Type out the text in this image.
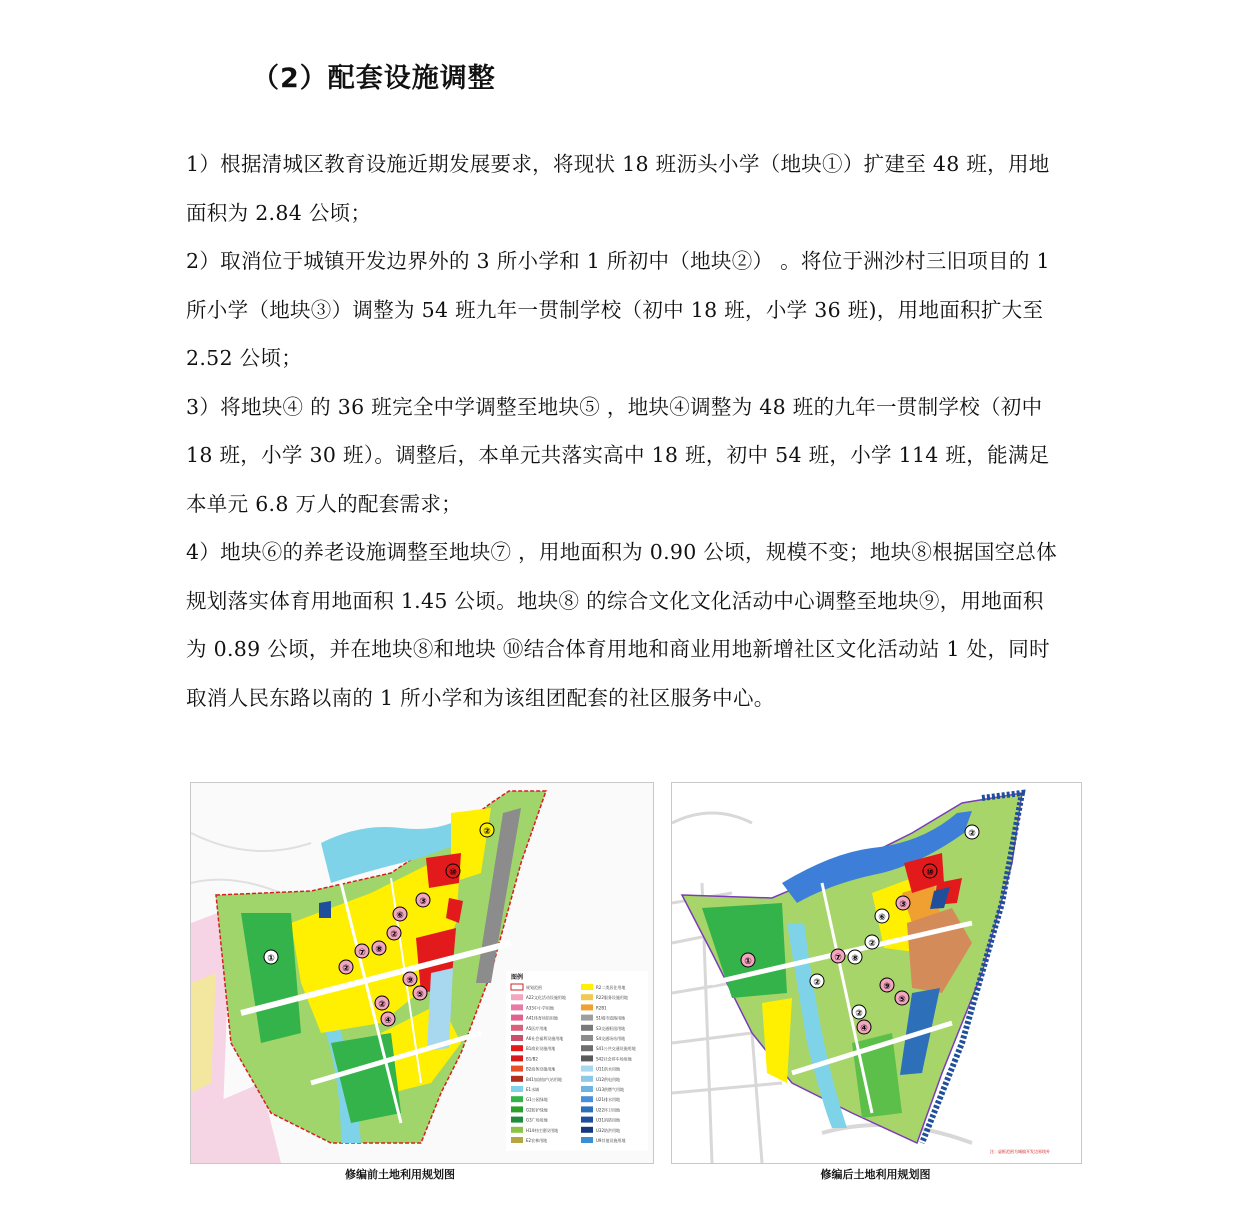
（2）配套设施调整

1）根据清城区教育设施近期发展要求，将现状 18 班沥头小学（地块①）扩建至 48 班，用地面积为 2.84 公顷；

2）取消位于城镇开发边界外的 3 所小学和 1 所初中（地块②） 。将位于洲沙村三旧项目的 1 所小学（地块③）调整为 54 班九年一贯制学校（初中 18 班，小学 36 班)，用地面积扩大至 2.52 公顷；

3）将地块④ 的 36 班完全中学调整至地块⑤ ，地块④调整为 48 班的九年一贯制学校（初中 18 班，小学 30 班）。调整后，本单元共落实高中 18 班，初中 54 班，小学 114 班，能满足本单元 6.8 万人的配套需求；

4）地块⑥的养老设施调整至地块⑦ ，用地面积为 0.90 公顷，规模不变；地块⑧根据国空总体规划落实体育用地面积 1.45 公顷。地块⑧ 的综合文化文化活动中心调整至地块⑨，用地面积为 0.89 公顷，并在地块⑧和地块 ⑩结合体育用地和商业用地新增社区文化活动站 1 处，同时取消人民东路以南的 1 所小学和为该组团配套的社区服务中心。

①
②
②
②
②
③
④
⑤
⑥
⑦ ⑧
⑨
⑩
图例
规划范围
A22文化活动设施用地
A33中小学用地
A41体育场馆用地
A5医疗用地
A6社会福利设施用地
B1商业设施用地
B1/B2
B2商务设施用地
B41加油加气站用地
E1水域
G1公园绿地
G2防护绿地
G3广场用地
H14村庄建设用地
E2农林用地
R2二类居住用地
R22服务设施用地
R2B1
S1城市道路用地
S3交通枢纽用地
S4交通场站用地
S41公共交通设施用地
S42社会停车场用地
U11供水用地
U12供电用地
U13供燃气用地
U21排水用地
U22环卫用地
U31消防用地
U32防洪用地
U9其他设施用地
修编前土地利用规划图
①
②
②
②
②
③
④
⑤
⑥
⑦ ⑧
⑨
⑩
注：虚框范围为城镇开发边界线外
修编后土地利用规划图
